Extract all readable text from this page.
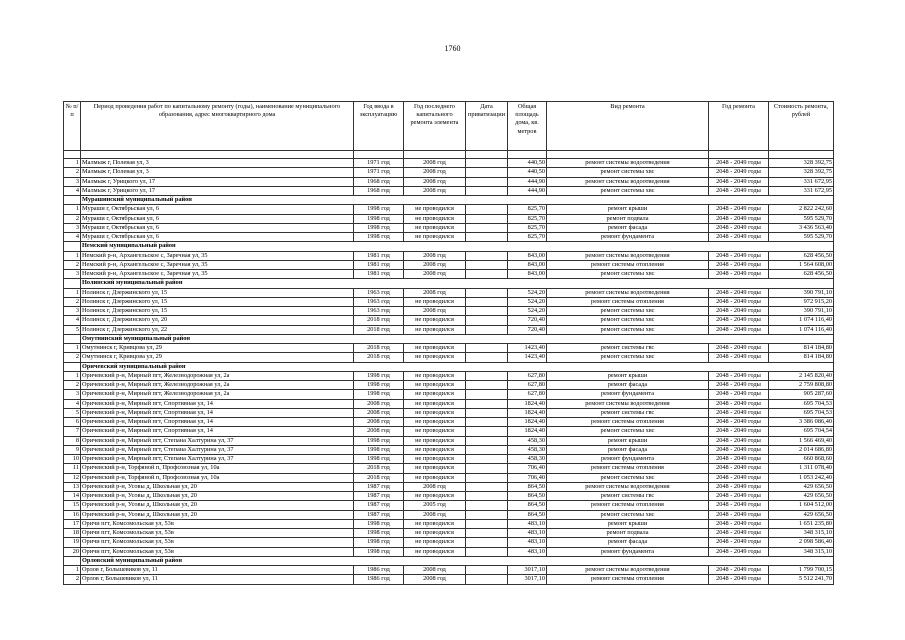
1760
№ п/п	Период проведения работ по капитальному ремонту (годы), наименование муниципального образования, адрес многоквартирного дома	Год ввода в эксплуатацию	Год последнего капитального ремонта элемента	Дата приватизации	Общая площадь дома, кв. метров	Вид ремонта	Год ремонта	Стоимость ремонта, рублей

1	Малмыж г, Полевая ул, 3	1971 год	2008 год		440,50	ремонт системы водоотведения	2048 - 2049 годы	328 392,75
2	Малмыж г, Полевая ул, 3	1971 год	2008 год		440,50	ремонт системы хвс	2048 - 2049 годы	328 392,75
3	Малмыж г, Урицкого ул, 17	1968 год	2008 год		444,90	ремонт системы водоотведения	2048 - 2049 годы	331 672,95
4	Малмыж г, Урицкого ул, 17	1968 год	2008 год		444,90	ремонт системы хвс	2048 - 2049 годы	331 672,95
	Мурашинский муниципальный район							
1	Мураши г, Октябрьская ул, 6	1998 год	не проводился		825,70	ремонт крыши	2048 - 2049 годы	2 822 242,60
2	Мураши г, Октябрьская ул, 6	1998 год	не проводился		825,70	ремонт подвала	2048 - 2049 годы	595 529,70
3	Мураши г, Октябрьская ул, 6	1998 год	не проводился		825,70	ремонт фасада	2048 - 2049 годы	3 436 563,40
4	Мураши г, Октябрьская ул, 6	1998 год	не проводился		825,70	ремонт фундамента	2048 - 2049 годы	595 529,70
	Немский муниципальный район							
1	Немский р-н, Архангельское с, Заречная ул, 35	1981 год	2008 год		843,00	ремонт системы водоотведения	2048 - 2049 годы	628 456,50
2	Немский р-н, Архангельское с, Заречная ул, 35	1981 год	2008 год		843,00	ремонт системы отопления	2048 - 2049 годы	1 564 608,00
3	Немский р-н, Архангельское с, Заречная ул, 35	1981 год	2008 год		843,00	ремонт системы хвс	2048 - 2049 годы	628 456,50
	Нолинский муниципальный район							
1	Нолинск г, Дзержинского ул, 15	1963 год	2008 год		524,20	ремонт системы водоотведения	2048 - 2049 годы	390 791,10
2	Нолинск г, Дзержинского ул, 15	1963 год	не проводился		524,20	ремонт системы отопления	2048 - 2049 годы	972 915,20
3	Нолинск г, Дзержинского ул, 15	1963 год	2008 год		524,20	ремонт системы хвс	2048 - 2049 годы	390 791,10
4	Нолинск г, Дзержинского ул, 20	2018 год	не проводился		720,40	ремонт системы хвс	2048 - 2049 годы	1 074 116,40
5	Нолинск г, Дзержинского ул, 22	2018 год	не проводился		720,40	ремонт системы хвс	2048 - 2049 годы	1 074 116,40
	Омутнинский муниципальный район							
1	Омутнинск г, Кривцова ул, 29	2018 год	не проводился		1423,40	ремонт системы гвс	2048 - 2049 годы	814 184,80
2	Омутнинск г, Кривцова ул, 29	2018 год	не проводился		1423,40	ремонт системы хвс	2048 - 2049 годы	814 184,80
	Оричевский муниципальный район							
1	Оричевский р-н, Мирный пгт, Железнодорожная ул, 2а	1998 год	не проводился		627,80	ремонт крыши	2048 - 2049 годы	2 145 820,40
2	Оричевский р-н, Мирный пгт, Железнодорожная ул, 2а	1998 год	не проводился		627,80	ремонт фасада	2048 - 2049 годы	2 759 808,80
3	Оричевский р-н, Мирный пгт, Железнодорожная ул, 2а	1998 год	не проводился		627,80	ремонт фундамента	2048 - 2049 годы	905 287,60
4	Оричевский р-н, Мирный пгт, Спортивная ул, 14	2008 год	не проводился		1824,40	ремонт системы водоотведения	2048 - 2049 годы	695 704,53
5	Оричевский р-н, Мирный пгт, Спортивная ул, 14	2008 год	не проводился		1824,40	ремонт системы гвс	2048 - 2049 годы	695 704,53
6	Оричевский р-н, Мирный пгт, Спортивная ул, 14	2008 год	не проводился		1824,40	ремонт системы отопления	2048 - 2049 годы	3 386 086,40
7	Оричевский р-н, Мирный пгт, Спортивная ул, 14	2008 год	не проводился		1824,40	ремонт системы хвс	2048 - 2049 годы	695 704,54
8	Оричевский р-н, Мирный пгт, Степана Халтурина ул, 37	1998 год	не проводился		458,30	ремонт крыши	2048 - 2049 годы	1 566 469,40
9	Оричевский р-н, Мирный пгт, Степана Халтурина ул, 37	1998 год	не проводился		458,30	ремонт фасада	2048 - 2049 годы	2 014 686,80
10	Оричевский р-н, Мирный пгт, Степана Халтурина ул, 37	1998 год	не проводился		458,30	ремонт фундамента	2048 - 2049 годы	660 868,60
11	Оричевский р-н, Торфяной п, Профсоюзная ул, 10а	2018 год	не проводился		706,40	ремонт системы отопления	2048 - 2049 годы	1 311 078,40
12	Оричевский р-н, Торфяной п, Профсоюзная ул, 10а	2018 год	не проводился		706,40	ремонт системы хвс	2048 - 2049 годы	1 053 242,40
13	Оричевский р-н, Усовы д, Школьная ул, 20	1987 год	2008 год		864,50	ремонт системы водоотведения	2048 - 2049 годы	429 656,50
14	Оричевский р-н, Усовы д, Школьная ул, 20	1987 год	не проводился		864,50	ремонт системы гвс	2048 - 2049 годы	429 656,50
15	Оричевский р-н, Усовы д, Школьная ул, 20	1987 год	2005 год		864,50	ремонт системы отопления	2048 - 2049 годы	1 604 512,00
16	Оричевский р-н, Усовы д, Школьная ул, 20	1987 год	2008 год		864,50	ремонт системы хвс	2048 - 2049 годы	429 656,50
17	Оричи пгт, Комсомольская ул, 53в	1998 год	не проводился		483,10	ремонт крыши	2048 - 2049 годы	1 651 235,80
18	Оричи пгт, Комсомольская ул, 53в	1998 год	не проводился		483,10	ремонт подвала	2048 - 2049 годы	348 315,10
19	Оричи пгт, Комсомольская ул, 53в	1998 год	не проводился		483,10	ремонт фасада	2048 - 2049 годы	2 098 586,40
20	Оричи пгт, Комсомольская ул, 53в	1998 год	не проводился		483,10	ремонт фундамента	2048 - 2049 годы	348 315,10
	Орловский муниципальный район							
1	Орлов г, Большевиков ул, 11	1986 год	2008 год		3017,10	ремонт системы водоотведения	2048 - 2049 годы	1 799 700,15
2	Орлов г, Большевиков ул, 11	1986 год	2008 год		3017,10	ремонт системы отопления	2048 - 2049 годы	5 512 241,70
